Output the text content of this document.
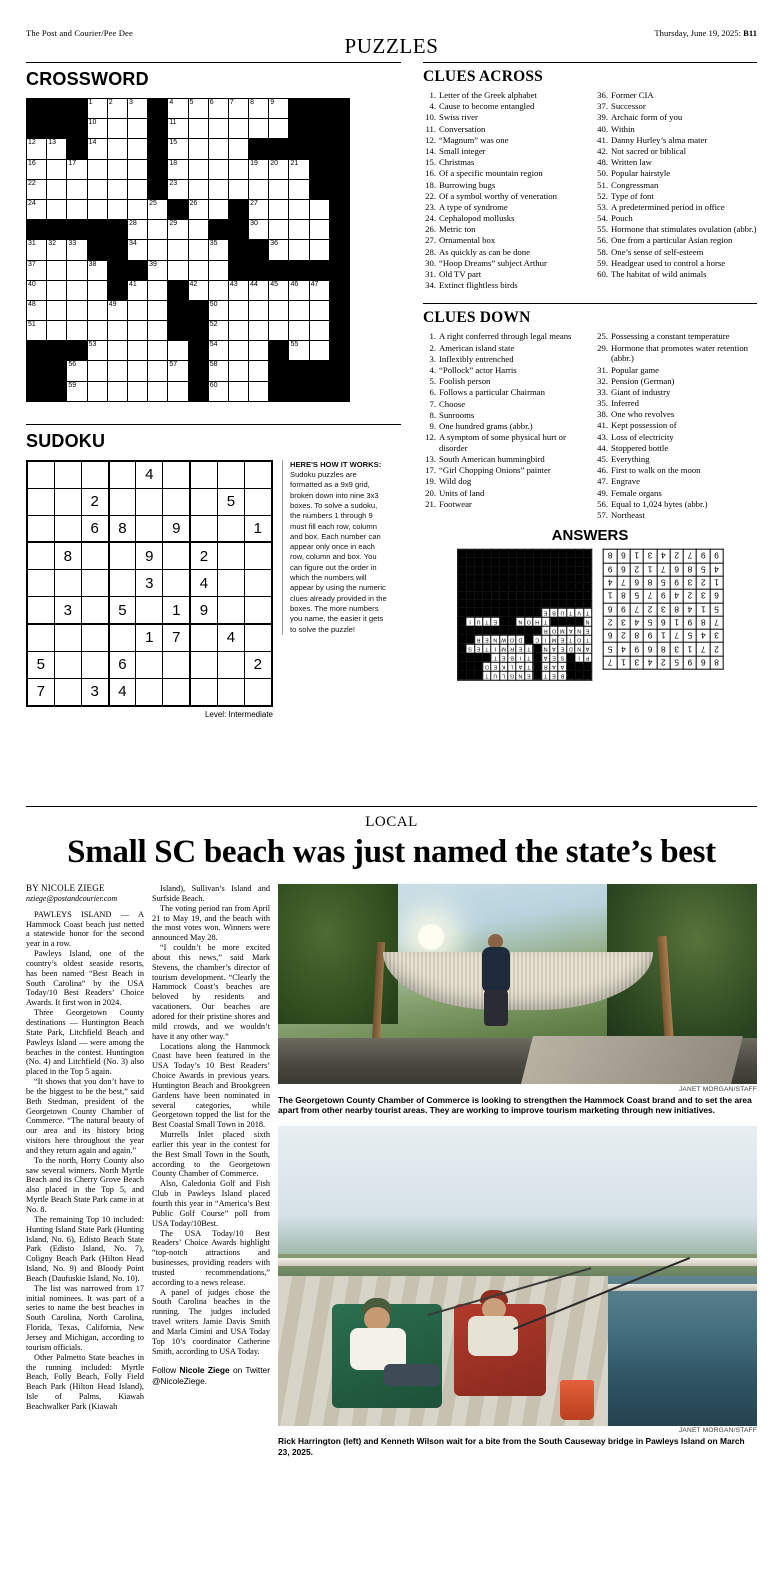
The Post and Courier/Pee Dee	Thursday, June 19, 2025: B11
PUZZLES
CROSSWORD

			1	2	3		4	5	6	7	8	9			

			10				11								

12	13		14				15								

16		17					18				19	20	21		

22							23								

24						25		26			27				

					28		29				30				

31	32	33			34				35			36			

37			38			39									

40					41			42		43	44	45	46	47	

48				49					50						

51									52						

			53						54				55		

		56					57		58						

		59							60						

SUDOKU
				4				
		2					5	
		6	8		9			1
	8			9		2		
				3		4		
	3		5		1	9		
				1	7		4	
5			6					2
7		3	4					
Level: Intermediate
HERE'S HOW IT WORKS: Sudoku puzzles are formatted as a 9x9 grid, broken down into nine 3x3 boxes. To solve a sudoku, the numbers 1 through 9 must fill each row, column and box. Each number can appear only once in each row, column and box. You can figure out the order in which the numbers will appear by using the numeric clues already provided in the boxes. The more numbers you name, the easier it gets to solve the puzzle!
CLUES ACROSS
1. Letter of the Greek alphabet
4. Cause to become entangled
10. Swiss river
11. Conversation
12. “Magnum” was one
14. Small integer
15. Christmas
16. Of a specific mountain region
18. Burrowing bugs
22. Of a symbol worthy of veneration
23. A type of syndrome
24. Cephalopod mollusks
26. Metric ton
27. Ornamental box
28. As quickly as can be done
30. “Hoop Dreams” subject Arthur
31. Old TV part
34. Extinct flightless birds
36. Former CIA
37. Successor
39. Archaic form of you
40. Within
41. Danny Hurley’s alma mater
42. Not sacred or biblical
48. Written law
50. Popular hairstyle
51. Congressman
52. Type of font
53. A predetermined period in office
54. Pouch
55. Hormone that stimulates ovulation (abbr.)
56. One from a particular Asian region
58. One’s sense of self-esteem
59. Headgear used to control a horse
60. The habitat of wild animals
CLUES DOWN
1. A right conferred through legal means
2. American island state
3. Inflexibly entrenched
4. “Pollock” actor Harris
5. Foolish person
6. Follows a particular Chairman
7. Choose
8. Sunrooms
9. One hundred grams (abbr.)
12. A symptom of some physical hurt or disorder
13. South American hummingbird
17. “Girl Chopping Onions” painter
19. Wild dog
20. Units of land
21. Footwear
25. Possessing a constant temperature
29. Hormone that promotes water retention (abbr.)
31. Popular game
32. Pension (German)
33. Giant of industry
35. Inferred
38. One who revolves
41. Kept possession of
43. Loss of electricity
44. Stoppered bottle
45. Everything
46. First to walk on the moon
47. Engrave
49. Female organs
56. Equal to 1,024 bytes (abbr.)
57. Northeast
ANSWERS
			B	E	T		E	N	G	L	U	T			
			A	A	R		T	A	L	K	E	D			
P	I		S	E	A		T	I	B	E	T				
A	N	D	E	A	N		T	E	R	M	I	T	E	S	
T	O	T	E	M	I	C		D	O	W	N	E	R		
E	N	A	M	O	R										
N					T	H	O	N			E	T	U	I	
T	V	T	U	B	E										

8	6	9	5	2	4	3	1	7
2	7	1	3	8	6	9	4	5
3	4	5	7	1	9	8	2	6
7	8	9	1	6	5	4	3	2
5	1	4	8	3	2	7	9	6
6	3	2	4	9	7	5	8	1
1	2	3	9	5	8	6	7	4
4	5	8	6	7	1	2	6	9
9	9	7	2	4	3	1	6	8
LOCAL
Small SC beach was just named the state’s best
BY NICOLE ZIEGE
nziege@postandcourier.com

PAWLEYS ISLAND — A Hammock Coast beach just netted a statewide honor for the second year in a row.

Pawleys Island, one of the country’s oldest seaside resorts, has been named “Best Beach in South Carolina” by the USA Today/10 Best Readers’ Choice Awards. It first won in 2024.

Three Georgetown County destinations — Huntington Beach State Park, Litchfield Beach and Pawleys Island — were among the beaches in the contest. Huntington (No. 4) and Litchfield (No. 3) also placed in the Top 5 again.

“It shows that you don’t have to be the biggest to be the best,” said Beth Stedman, president of the Georgetown County Chamber of Commerce. “The natural beauty of our area and its history bring visitors here throughout the year and they return again and again.”

To the north, Horry County also saw several winners. North Myrtle Beach and its Cherry Grove Beach also placed in the Top 5, and Myrtle Beach State Park came in at No. 8.

The remaining Top 10 included: Hunting Island State Park (Hunting Island, No. 6), Edisto Beach State Park (Edisto Island, No. 7), Coligny Beach Park (Hilton Head Island, No. 9) and Bloody Point Beach (Daufuskie Island, No. 10).

The list was narrowed from 17 initial nominees. It was part of a series to name the best beaches in South Carolina, North Carolina, Florida, Texas, California, New Jersey and Michigan, according to tourism officials.

Other Palmetto State beaches in the running included: Myrtle Beach, Folly Beach, Folly Field Beach Park (Hilton Head Island), Isle of Palms, Kiawah Beachwalker Park (Kiawah

Island), Sullivan’s Island and Surfside Beach.

The voting period ran from April 21 to May 19, and the beach with the most votes won. Winners were announced May 28.

“I couldn’t be more excited about this news,” said Mark Stevens, the chamber’s director of tourism development. “Clearly the Hammock Coast’s beaches are beloved by residents and vacationers. Our beaches are adored for their pristine shores and mild crowds, and we wouldn’t have it any other way.”

Locations along the Hammock Coast have been featured in the USA Today’s 10 Best Readers’ Choice Awards in previous years. Huntington Beach and Brookgreen Gardens have been nominated in several categories, while Georgetown topped the list for the Best Coastal Small Town in 2018.

Murrells Inlet placed sixth earlier this year in the contest for the Best Small Town in the South, according to the Georgetown County Chamber of Commerce.

Also, Caledonia Golf and Fish Club in Pawleys Island placed fourth this year in “America’s Best Public Golf Course” poll from USA Today/10Best.

The USA Today/10 Best Readers’ Choice Awards highlight “top-notch attractions and businesses, providing readers with trusted recommendations,” according to a news release.

A panel of judges chose the South Carolina beaches in the running. The judges included travel writers Jamie Davis Smith and Marla Cimini and USA Today Top 10’s coordinator Catherine Smith, according to USA Today.

Follow Nicole Ziege on Twitter @NicoleZiege.
JANET MORGAN/STAFF
The Georgetown County Chamber of Commerce is looking to strengthen the Hammock Coast brand and to set the area apart from other nearby tourist areas. They are working to improve tourism marketing through new initiatives.
JANET MORGAN/STAFF
Rick Harrington (left) and Kenneth Wilson wait for a bite from the South Causeway bridge in Pawleys Island on March 23, 2025.
